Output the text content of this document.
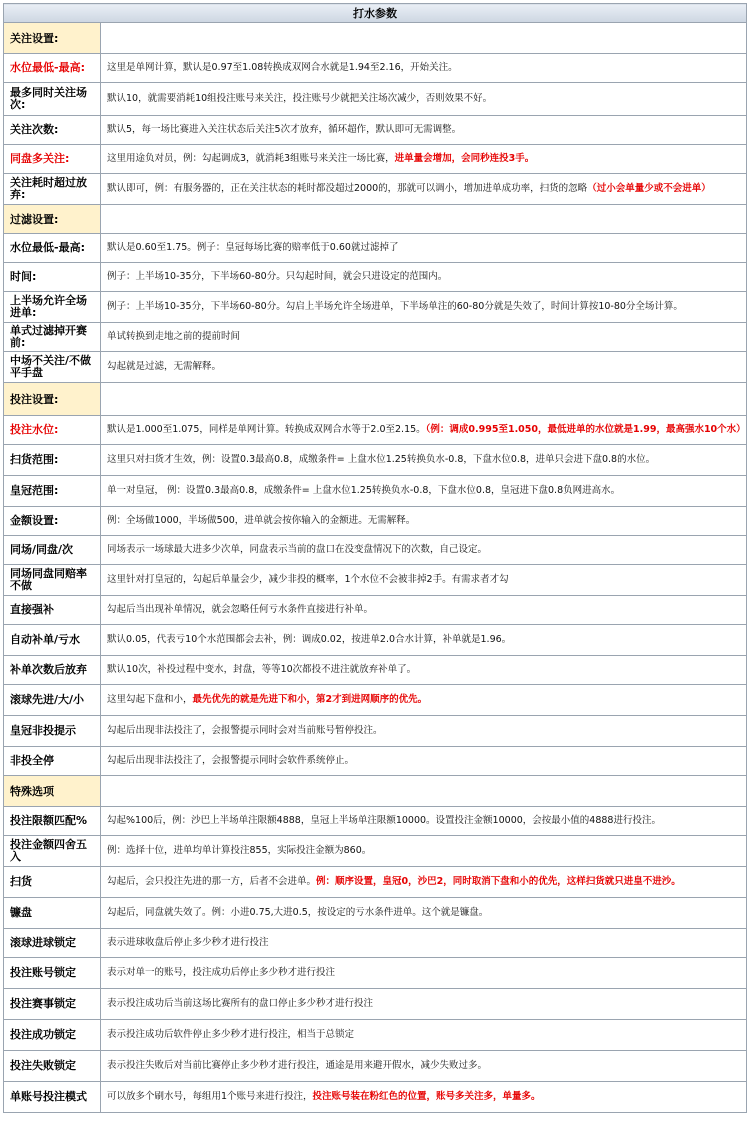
打水参数	
关注设置:	
水位最低-最高:	这里是单网计算，默认是0.97至1.08转换成双网合水就是1.94至2.16，开始关注。
最多同时关注场次:	默认10，就需要消耗10组投注账号来关注，投注账号少就把关注场次减少，否则效果不好。
关注次数:	默认5，每一场比赛进入关注状态后关注5次才放弃，循环超作，默认即可无需调整。
同盘多关注:	这里用途负对员，例：勾起调成3，就消耗3组账号来关注一场比赛，进单量会增加，会同秒连投3手。
关注耗时超过放弃:	默认即可，例：有服务器的，正在关注状态的耗时都没超过2000的，那就可以调小，增加进单成功率，扫货的忽略（过小会单量少或不会进单）
过滤设置:	
水位最低-最高:	默认是0.60至1.75。例子：皇冠每场比赛的赔率低于0.60就过滤掉了
时间:	例子：上半场10-35分，下半场60-80分。只勾起时间，就会只进设定的范围内。
上半场允许全场进单:	例子：上半场10-35分，下半场60-80分。勾启上半场允许全场进单，下半场单注的60-80分就是失效了，时间计算按10-80分全场计算。
单式过滤掉开赛前:	单试转换到走地之前的提前时间
中场不关注/不做平手盘	勾起就是过滤，无需解释。
投注设置:	
投注水位:	默认是1.000至1.075，同样是单网计算。转换成双网合水等于2.0至2.15。（例：调成0.995至1.050，最低进单的水位就是1.99，最高强水10个水）
扫货范围:	这里只对扫货才生效，例：设置0.3最高0.8，成缴条件= 上盘水位1.25转换负水-0.8，下盘水位0.8，进单只会进下盘0.8的水位。
皇冠范围:	单一对皇冠， 例：设置0.3最高0.8，成缴条件= 上盘水位1.25转换负水-0.8，下盘水位0.8，皇冠进下盘0.8负网进高水。
金额设置:	例：全场做1000，半场做500，进单就会按你输入的金额进。无需解释。
同场/同盘/次	同场表示一场球最大进多少次单，同盘表示当前的盘口在没变盘情况下的次数，自己设定。
同场同盘同赔率不做	这里针对打皇冠的，勾起后单量会少，减少非投的概率，1个水位不会被非掉2手。有需求者才勾
直接强补	勾起后当出现补单情况，就会忽略任何亏水条件直接进行补单。
自动补单/亏水	默认0.05，代表亏10个水范围都会去补，例：调成0.02，按进单2.0合水计算，补单就是1.96。
补单次数后放弃	默认10次，补投过程中变水，封盘，等等10次都投不进注就放弃补单了。
滚球先进/大/小	这里勾起下盘和小，最先优先的就是先进下和小，第2才到进网顺序的优先。
皇冠非投提示	勾起后出现非法投注了，会报警提示同时会对当前账号暂停投注。
非投全停	勾起后出现非法投注了，会报警提示同时会软件系统停止。
特殊选项	
投注限额匹配%	勾起%100后，例：沙巴上半场单注限额4888，皇冠上半场单注限额10000。设置投注金额10000，会按最小值的4888进行投注。
投注金额四舍五入	例：选择十位，进单均单计算投注855，实际投注金额为860。
扫货	勾起后，会只投注先进的那一方，后者不会进单。例：顺序设置，皇冠0，沙巴2，同时取消下盘和小的优先，这样扫货就只进皇不进沙。
镰盘	勾起后，同盘就失效了。例：小进0.75,大进0.5，按设定的亏水条件进单。这个就是镰盘。
滚球进球锁定	表示进球收盘后停止多少秒才进行投注
投注账号锁定	表示对单一的账号，投注成功后停止多少秒才进行投注
投注赛事锁定	表示投注成功后当前这场比赛所有的盘口停止多少秒才进行投注
投注成功锁定	表示投注成功后软件停止多少秒才进行投注，相当于总锁定
投注失败锁定	表示投注失败后对当前比赛停止多少秒才进行投注，通途是用来避开假水，减少失败过多。
单账号投注模式	可以放多个刷水号，每组用1个账号来进行投注，投注账号装在粉红色的位置，账号多关注多，单量多。
